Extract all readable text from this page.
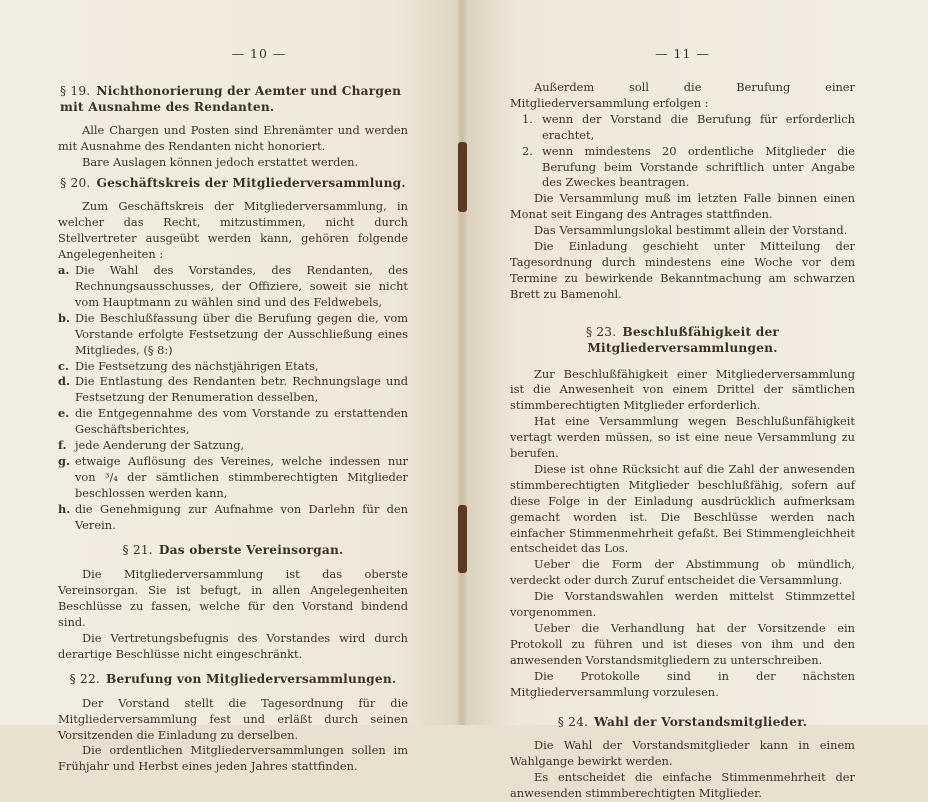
— 10 —
§ 19. Nichthonorierung der Aemter und Chargen mit Ausnahme des Rendanten.

Alle Chargen und Posten sind Ehrenämter und werden mit Ausnahme des Rendanten nicht honoriert.

Bare Auslagen können jedoch erstattet werden.

§ 20. Geschäftskreis der Mitgliederversammlung.

Zum Geschäftskreis der Mitgliederversammlung, in welcher das Recht, mitzustimmen, nicht durch Stellvertreter ausgeübt werden kann, gehören folgende Angelegenheiten :

a. Die Wahl des Vorstandes, des Rendanten, des Rechnungsausschusses, der Offiziere, soweit sie nicht vom Hauptmann zu wählen sind und des Feldwebels,
b. Die Beschlußfassung über die Berufung gegen die, vom Vorstande erfolgte Festsetzung der Ausschließung eines Mitgliedes, (§ 8:)
c. Die Festsetzung des nächstjährigen Etats,
d. Die Entlastung des Rendanten betr. Rechnungslage und Festsetzung der Renumeration desselben,
e. die Entgegennahme des vom Vorstande zu erstattenden Geschäftsberichtes,
f. jede Aenderung der Satzung,
g. etwaige Auflösung des Vereines, welche indessen nur von ³/₄ der sämtlichen stimmberechtigten Mitglieder beschlossen werden kann,
h. die Genehmigung zur Aufnahme von Darlehn für den Verein.
§ 21. Das oberste Vereinsorgan.

Die Mitgliederversammlung ist das oberste Vereinsorgan. Sie ist befugt, in allen Angelegenheiten Beschlüsse zu fassen, welche für den Vorstand bindend sind.

Die Vertretungsbefugnis des Vorstandes wird durch derartige Beschlüsse nicht eingeschränkt.

§ 22. Berufung von Mitgliederversammlungen.

Der Vorstand stellt die Tagesordnung für die Mitgliederversammlung fest und erläßt durch seinen Vorsitzenden die Einladung zu derselben.

Die ordentlichen Mitgliederversammlungen sollen im Frühjahr und Herbst eines jeden Jahres stattfinden.

— 11 —

Außerdem soll die Berufung einer Mitgliederversammlung erfolgen :

1. wenn der Vorstand die Berufung für erforderlich erachtet,
2. wenn mindestens 20 ordentliche Mitglieder die Berufung beim Vorstande schriftlich unter Angabe des Zweckes beantragen.

Die Versammlung muß im letzten Falle binnen einen Monat seit Eingang des Antrages stattfinden.

Das Versammlungslokal bestimmt allein der Vorstand.

Die Einladung geschieht unter Mitteilung der Tagesordnung durch mindestens eine Woche vor dem Termine zu bewirkende Bekanntmachung am schwarzen Brett zu Bamenohl.

§ 23. Beschlußfähigkeit der Mitgliederversammlungen.

Zur Beschlußfähigkeit einer Mitgliederversammlung ist die Anwesenheit von einem Drittel der sämtlichen stimmberechtigten Mitglieder erforderlich.

Hat eine Versammlung wegen Beschlußunfähigkeit vertagt werden müssen, so ist eine neue Versammlung zu berufen.

Diese ist ohne Rücksicht auf die Zahl der anwesenden stimmberechtigten Mitglieder beschlußfähig, sofern auf diese Folge in der Einladung ausdrücklich aufmerksam gemacht worden ist. Die Beschlüsse werden nach einfacher Stimmenmehrheit gefaßt. Bei Stimmengleichheit entscheidet das Los.

Ueber die Form der Abstimmung ob mündlich, verdeckt oder durch Zuruf entscheidet die Versammlung.

Die Vorstandswahlen werden mittelst Stimmzettel vorgenommen.

Ueber die Verhandlung hat der Vorsitzende ein Protokoll zu führen und ist dieses von ihm und den anwesenden Vorstandsmitgliedern zu unterschreiben.

Die Protokolle sind in der nächsten Mitgliederversammlung vorzulesen.

§ 24. Wahl der Vorstandsmitglieder.

Die Wahl der Vorstandsmitglieder kann in einem Wahlgange bewirkt werden.

Es entscheidet die einfache Stimmenmehrheit der anwesenden stimmberechtigten Mitglieder.
